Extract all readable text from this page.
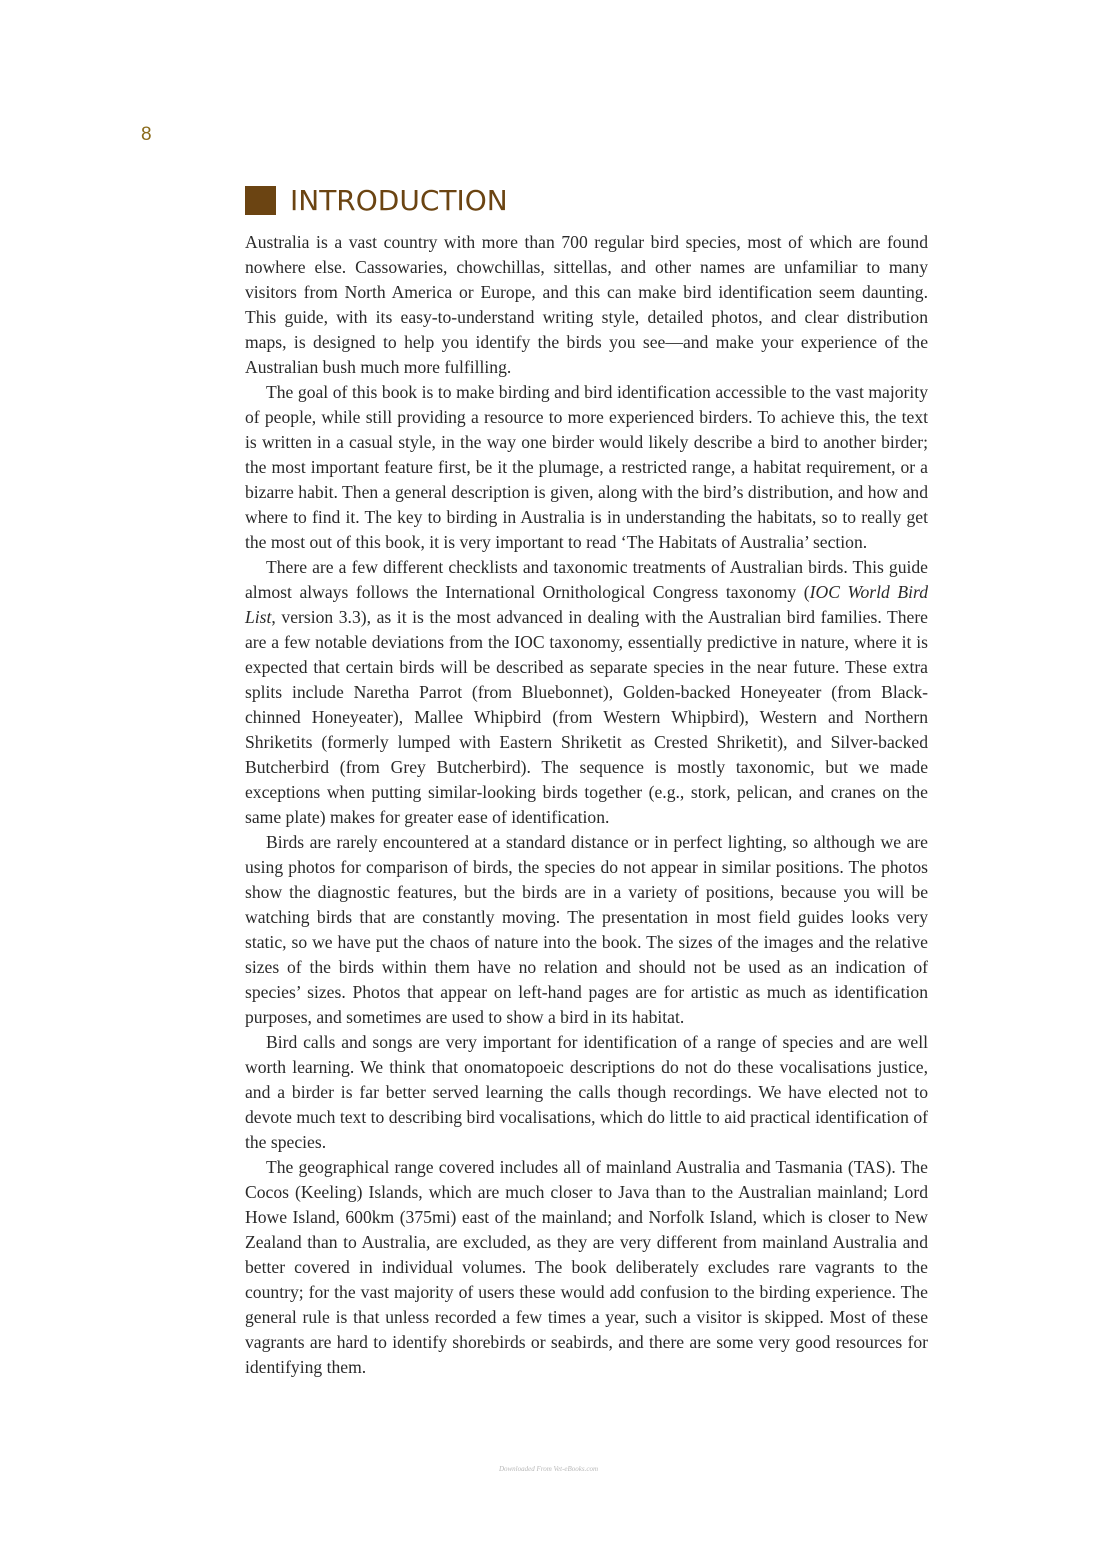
8
INTRODUCTION

Australia is a vast country with more than 700 regular bird species, most of which are found nowhere else. Cassowaries, chowchillas, sittellas, and other names are unfamiliar to many visitors from North America or Europe, and this can make bird identification seem daunting. This guide, with its easy-to-understand writing style, detailed photos, and clear distribution maps, is designed to help you identify the birds you see—and make your experience of the Australian bush much more fulfilling.

The goal of this book is to make birding and bird identification accessible to the vast majority of people, while still providing a resource to more experienced birders. To achieve this, the text is written in a casual style, in the way one birder would likely describe a bird to another birder; the most important feature first, be it the plumage, a restricted range, a habitat requirement, or a bizarre habit. Then a general description is given, along with the bird’s distribution, and how and where to find it. The key to birding in Australia is in understanding the habitats, so to really get the most out of this book, it is very important to read ‘The Habitats of Australia’ section.

There are a few different checklists and taxonomic treatments of Australian birds. This guide almost always follows the International Ornithological Congress taxonomy (IOC World Bird List, version 3.3), as it is the most advanced in dealing with the Australian bird families. There are a few notable deviations from the IOC taxonomy, essentially predictive in nature, where it is expected that certain birds will be described as separate species in the near future. These extra splits include Naretha Parrot (from Bluebonnet), Golden-backed Honeyeater (from Black-chinned Honeyeater), Mallee Whipbird (from Western Whipbird), Western and Northern Shriketits (formerly lumped with Eastern Shriketit as Crested Shriketit), and Silver-backed Butcherbird (from Grey Butcherbird). The sequence is mostly taxonomic, but we made exceptions when putting similar-looking birds together (e.g., stork, pelican, and cranes on the same plate) makes for greater ease of identification.

Birds are rarely encountered at a standard distance or in perfect lighting, so although we are using photos for comparison of birds, the species do not appear in similar positions. The photos show the diagnostic features, but the birds are in a variety of positions, because you will be watching birds that are constantly moving. The presentation in most field guides looks very static, so we have put the chaos of nature into the book. The sizes of the images and the relative sizes of the birds within them have no relation and should not be used as an indication of species’ sizes. Photos that appear on left-hand pages are for artistic as much as identification purposes, and sometimes are used to show a bird in its habitat.

Bird calls and songs are very important for identification of a range of species and are well worth learning. We think that onomatopoeic descriptions do not do these vocalisations justice, and a birder is far better served learning the calls though recordings. We have elected not to devote much text to describing bird vocalisations, which do little to aid practical identification of the species.

The geographical range covered includes all of mainland Australia and Tasmania (TAS). The Cocos (Keeling) Islands, which are much closer to Java than to the Australian mainland; Lord Howe Island, 600km (375mi) east of the mainland; and Norfolk Island, which is closer to New Zealand than to Australia, are excluded, as they are very different from mainland Australia and better covered in individual volumes. The book deliberately excludes rare vagrants to the country; for the vast majority of users these would add confusion to the birding experience. The general rule is that unless recorded a few times a year, such a visitor is skipped. Most of these vagrants are hard to identify shorebirds or seabirds, and there are some very good resources for identifying them.

Downloaded From Vet-eBooks.com
